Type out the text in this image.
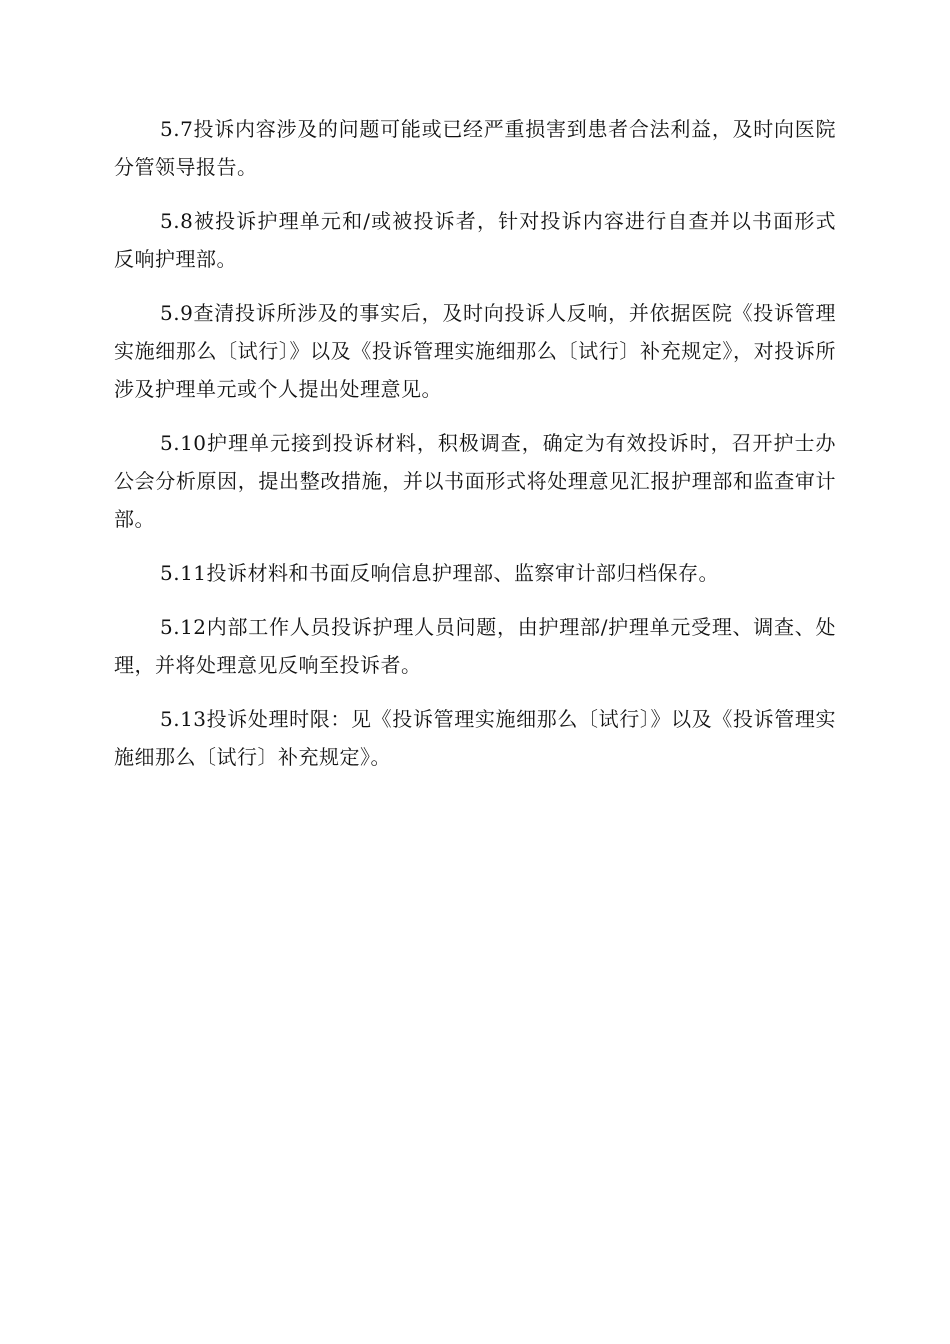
5.7投诉内容涉及的问题可能或已经严重损害到患者合法利益，及时向医院分管领导报告。

5.8被投诉护理单元和/或被投诉者，针对投诉内容进行自查并以书面形式反响护理部。

5.9查清投诉所涉及的事实后，及时向投诉人反响，并依据医院《投诉管理实施细那么〔试行〕》以及《投诉管理实施细那么〔试行〕补充规定》，对投诉所涉及护理单元或个人提出处理意见。

5.10护理单元接到投诉材料，积极调查，确定为有效投诉时，召开护士办公会分析原因，提出整改措施，并以书面形式将处理意见汇报护理部和监查审计部。

5.11投诉材料和书面反响信息护理部、监察审计部归档保存。

5.12内部工作人员投诉护理人员问题，由护理部/护理单元受理、调查、处理，并将处理意见反响至投诉者。

5.13投诉处理时限：见《投诉管理实施细那么〔试行〕》以及《投诉管理实施细那么〔试行〕补充规定》。
